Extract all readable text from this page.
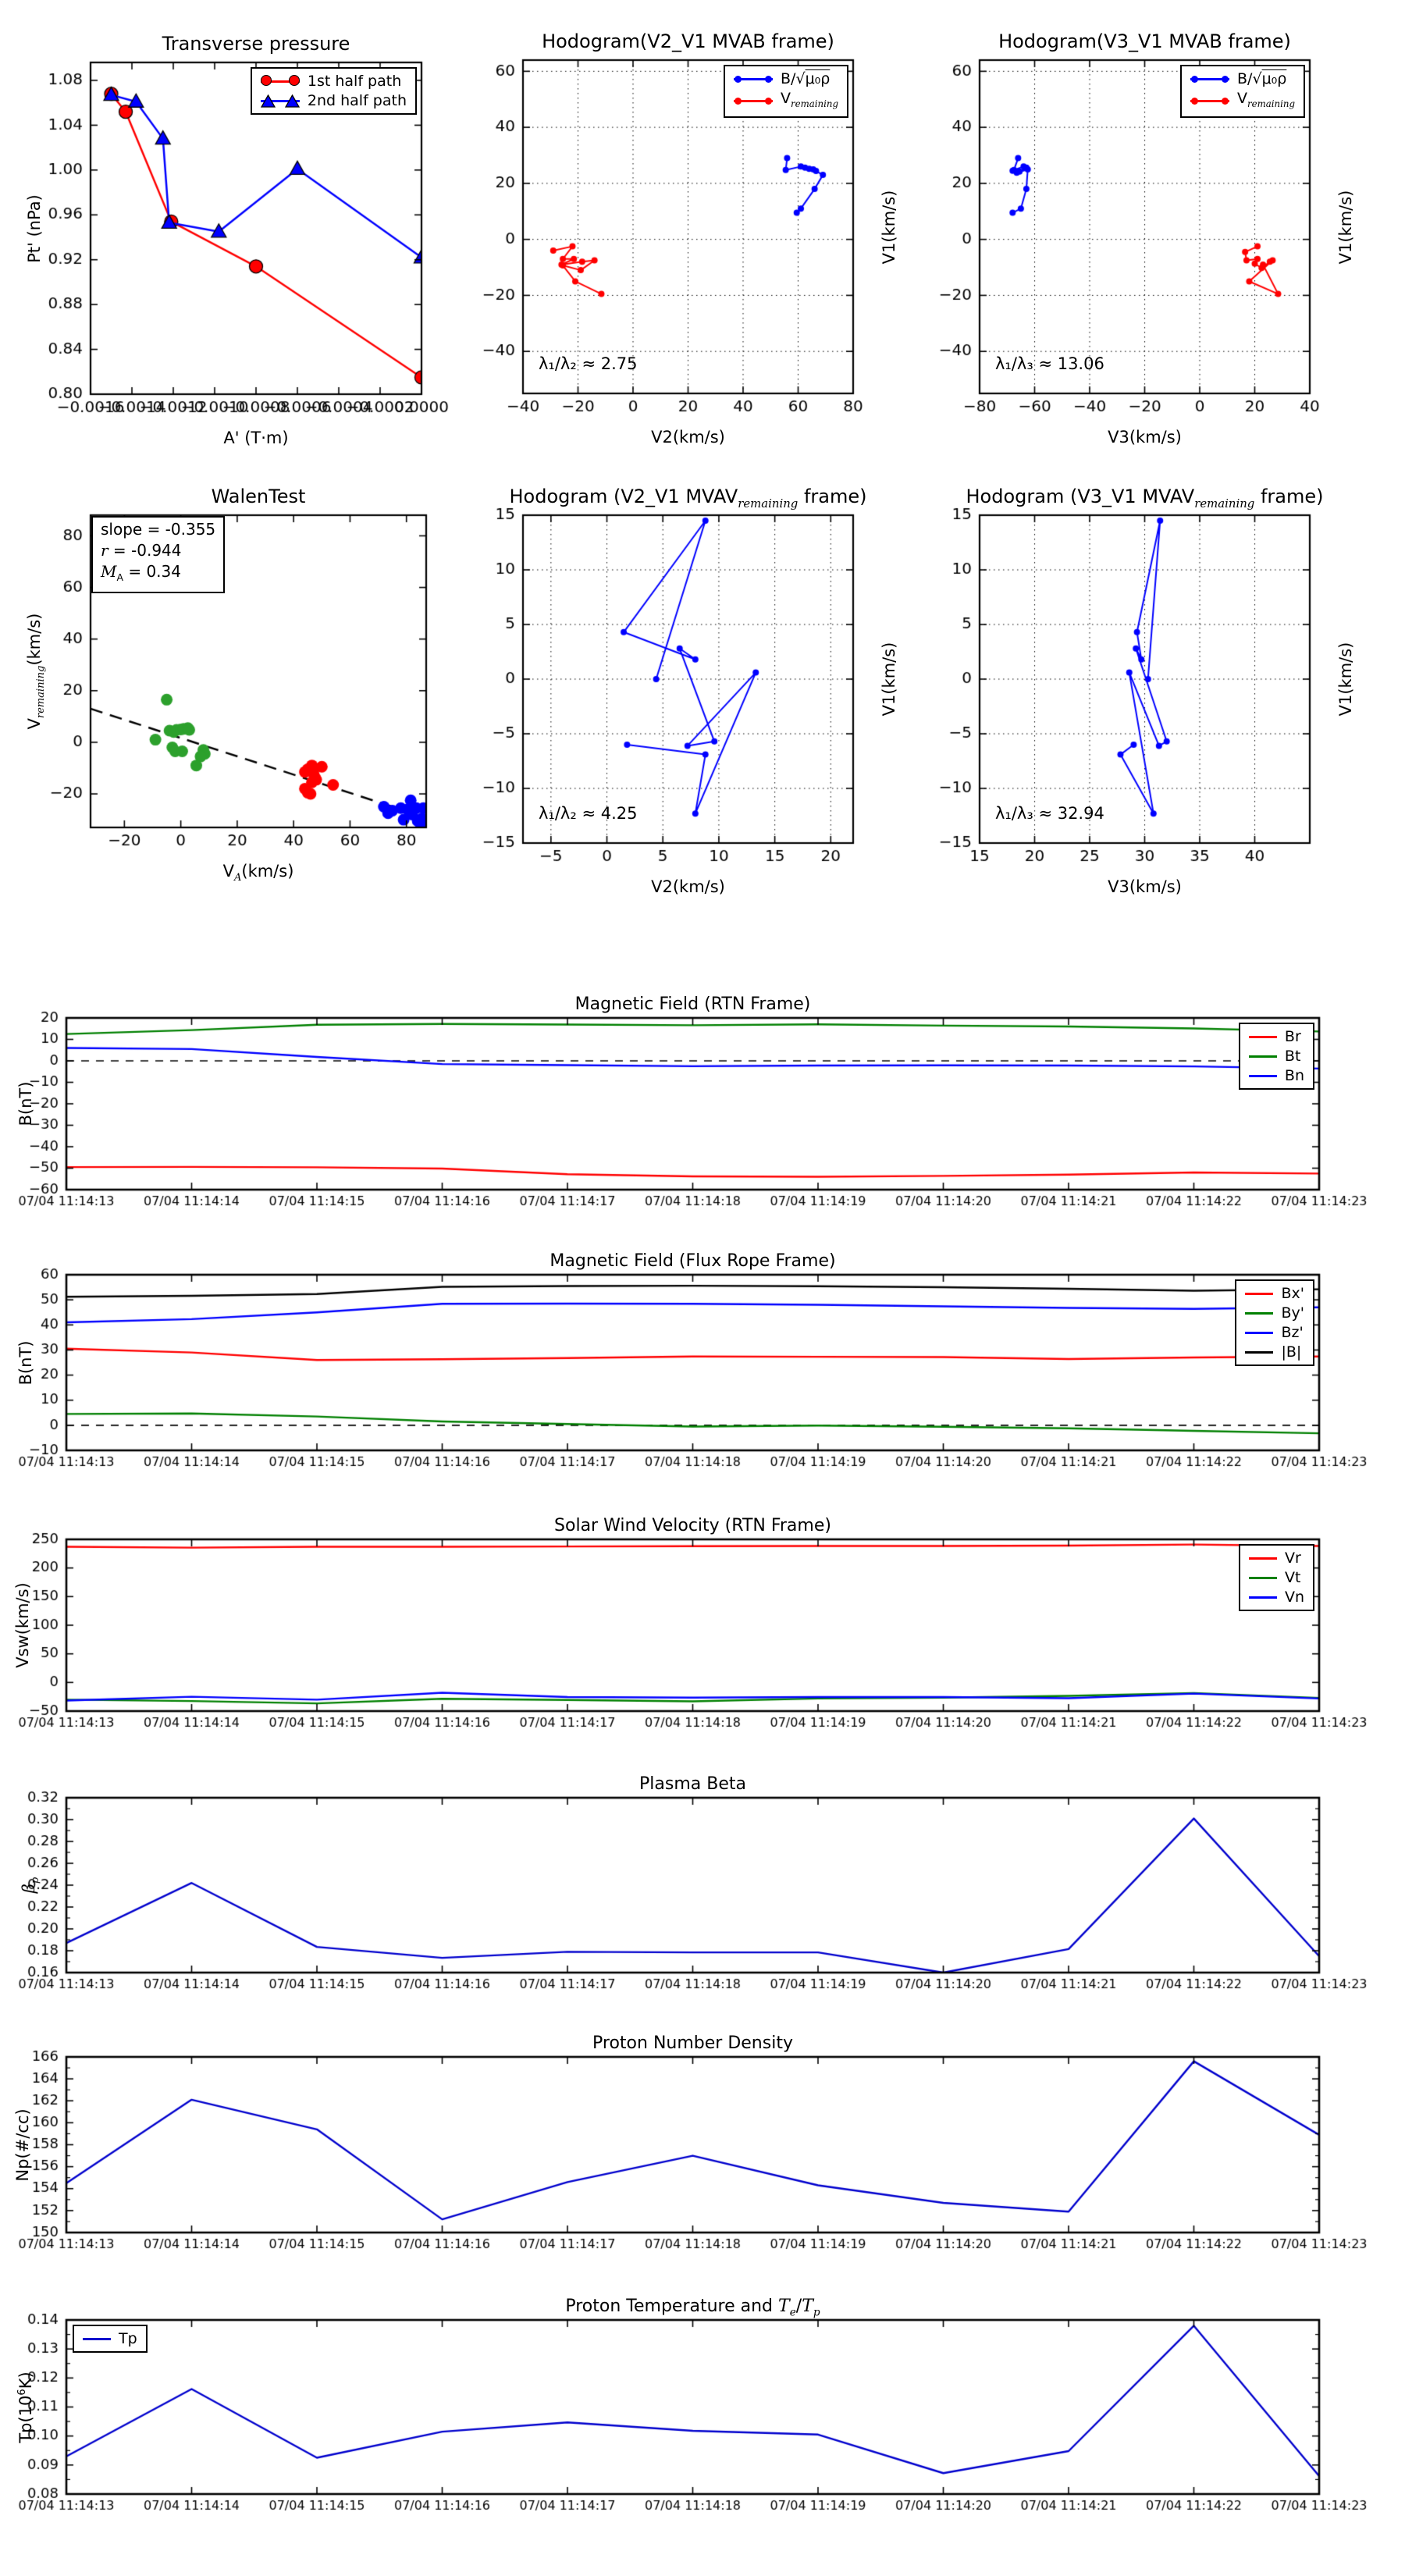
Transverse pressure
A' (T·m)
Pt' (nPa)
1st half path
2nd half path
Hodogram(V2_V1 MVAB frame)
V2(km/s)
V1(km/s)
λ₁/λ₂ ≈ 2.75
B/√μ₀ρ
$V_{remaining}$
Hodogram(V3_V1 MVAB frame)
V3(km/s)
V1(km/s)
λ₁/λ₃ ≈ 13.06
B/√μ₀ρ
$V_{remaining}$
WalenTest
$V_A(km/s)$
$V_{remaining}(km/s)$
slope = -0.355
r = -0.944
$M_A = 0.34$
Hodogram (V2_V1 $MVAV_{remaining}$ frame)
V2(km/s)
V1(km/s)
λ₁/λ₂ ≈ 4.25
Hodogram (V3_V1 $MVAV_{remaining}$ frame)
V3(km/s)
V1(km/s)
λ₁/λ₃ ≈ 32.94
Magnetic Field (RTN Frame)
B(nT)
Br
Bt
Bn
Magnetic Field (Flux Rope Frame)
B(nT)
Bx'
By'
Bz'
|B|
Solar Wind Velocity (RTN Frame)
Vsw(km/s)
Vr
Vt
Vn
Plasma Beta
$\beta_p$
Proton Number Density
Np(#/cc)
Proton Temperature and $T_e/T_p$
$Tp(10^6K)$
Tp
